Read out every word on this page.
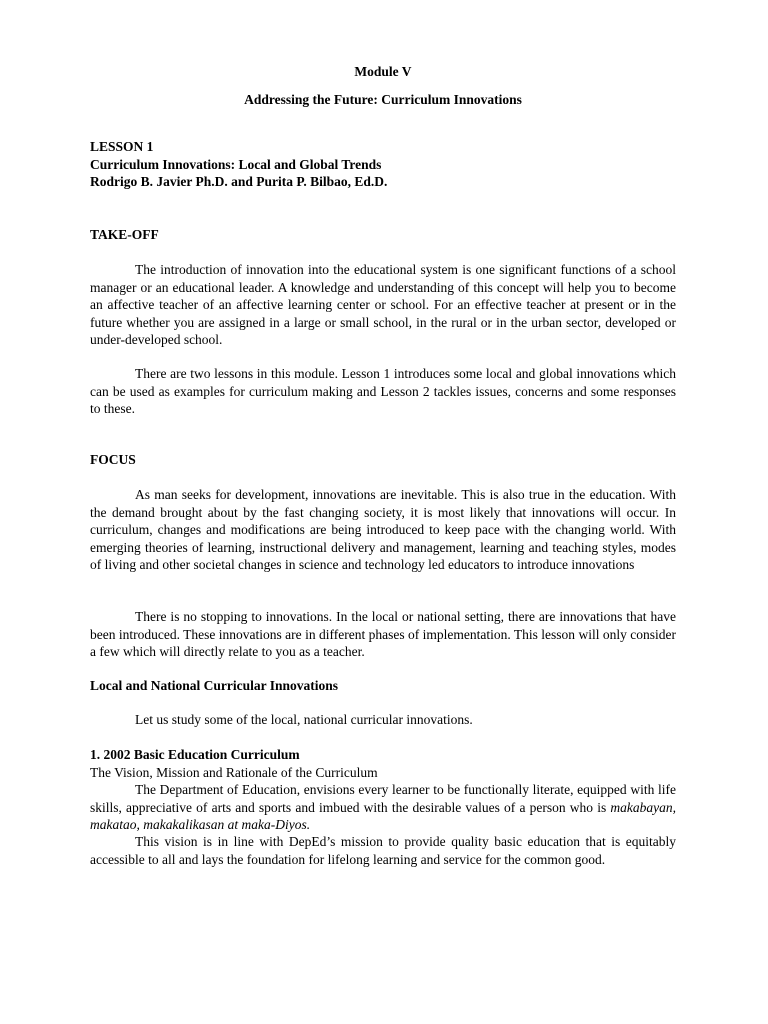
Module V
Addressing the Future: Curriculum Innovations

LESSON 1

Curriculum Innovations: Local and Global Trends

Rodrigo B. Javier Ph.D. and Purita P. Bilbao, Ed.D.

TAKE-OFF
The introduction of innovation into the educational system is one significant functions of a school manager or an educational leader. A knowledge and understanding of this concept will help you to become an affective teacher of an affective learning center or school. For an effective teacher at present or in the future whether you are assigned in a large or small school, in the rural or in the urban sector, developed or under-developed school.
There are two lessons in this module. Lesson 1 introduces some local and global innovations which can be used as examples for curriculum making and Lesson 2 tackles issues, concerns and some responses to these.
FOCUS
As man seeks for development, innovations are inevitable. This is also true in the education. With the demand brought about by the fast changing society, it is most likely that innovations will occur. In curriculum, changes and modifications are being introduced to keep pace with the changing world. With emerging theories of learning, instructional delivery and management, learning and teaching styles, modes of living and other societal changes in science and technology led educators to introduce innovations
There is no stopping to innovations. In the local or national setting, there are innovations that have been introduced. These innovations are in different phases of implementation. This lesson will only consider a few which will directly relate to you as a teacher.
Local and National Curricular Innovations
Let us study some of the local, national curricular innovations.
1. 2002 Basic Education Curriculum
The Vision, Mission and Rationale of the Curriculum
The Department of Education, envisions every learner to be functionally literate, equipped with life skills, appreciative of arts and sports and imbued with the desirable values of a person who is makabayan, makatao, makakalikasan at maka-Diyos.
This vision is in line with DepEd’s mission to provide quality basic education that is equitably accessible to all and lays the foundation for lifelong learning and service for the common good.
